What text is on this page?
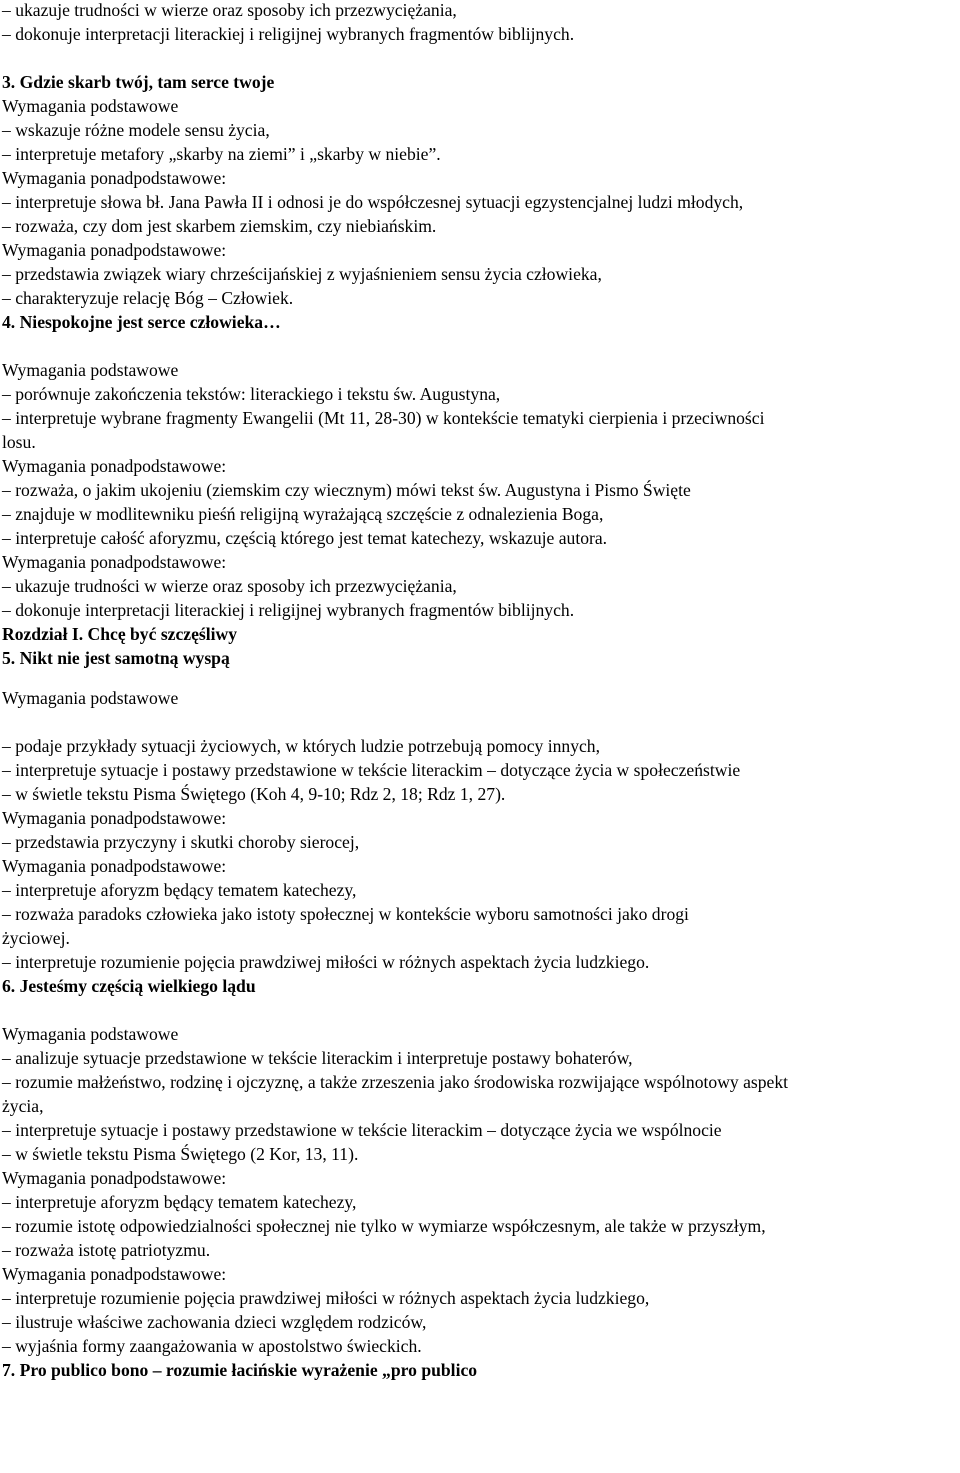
– ukazuje trudności w wierze oraz sposoby ich przezwyciężania,
– dokonuje interpretacji literackiej i religijnej wybranych fragmentów biblijnych.
3. Gdzie skarb twój, tam serce twoje
Wymagania podstawowe
– wskazuje różne modele sensu życia,
– interpretuje metafory „skarby na ziemi” i „skarby w niebie”.
Wymagania ponadpodstawowe:
– interpretuje słowa bł. Jana Pawła II i odnosi je do współczesnej sytuacji egzystencjalnej ludzi młodych,
– rozważa, czy dom jest skarbem ziemskim, czy niebiańskim.
Wymagania ponadpodstawowe:
– przedstawia związek wiary chrześcijańskiej z wyjaśnieniem sensu życia człowieka,
– charakteryzuje relację Bóg – Człowiek.
4. Niespokojne jest serce człowieka…
Wymagania podstawowe
– porównuje zakończenia tekstów: literackiego i tekstu św. Augustyna,
– interpretuje wybrane fragmenty Ewangelii (Mt 11, 28-30) w kontekście tematyki cierpienia i przeciwności
losu.
Wymagania ponadpodstawowe:
– rozważa, o jakim ukojeniu (ziemskim czy wiecznym) mówi tekst św. Augustyna i Pismo Święte
– znajduje w modlitewniku pieśń religijną wyrażającą szczęście z odnalezienia Boga,
– interpretuje całość aforyzmu, częścią którego jest temat katechezy, wskazuje autora.
Wymagania ponadpodstawowe:
– ukazuje trudności w wierze oraz sposoby ich przezwyciężania,
– dokonuje interpretacji literackiej i religijnej wybranych fragmentów biblijnych.
Rozdział I. Chcę być szczęśliwy
5. Nikt nie jest samotną wyspą
Wymagania podstawowe
– podaje przykłady sytuacji życiowych, w których ludzie potrzebują pomocy innych,
– interpretuje sytuacje i postawy przedstawione w tekście literackim – dotyczące życia w społeczeństwie
– w świetle tekstu Pisma Świętego (Koh 4, 9-10; Rdz 2, 18; Rdz 1, 27).
Wymagania ponadpodstawowe:
– przedstawia przyczyny i skutki choroby sierocej,
Wymagania ponadpodstawowe:
– interpretuje aforyzm będący tematem katechezy,
– rozważa paradoks człowieka jako istoty społecznej w kontekście wyboru samotności jako drogi
życiowej.
– interpretuje rozumienie pojęcia prawdziwej miłości w różnych aspektach życia ludzkiego.
6. Jesteśmy częścią wielkiego lądu
Wymagania podstawowe
– analizuje sytuacje przedstawione w tekście literackim i interpretuje postawy bohaterów,
– rozumie małżeństwo, rodzinę i ojczyznę, a także zrzeszenia jako środowiska rozwijające wspólnotowy aspekt
życia,
– interpretuje sytuacje i postawy przedstawione w tekście literackim – dotyczące życia we wspólnocie
– w świetle tekstu Pisma Świętego (2 Kor, 13, 11).
Wymagania ponadpodstawowe:
– interpretuje aforyzm będący tematem katechezy,
– rozumie istotę odpowiedzialności społecznej nie tylko w wymiarze współczesnym, ale także w przyszłym,
– rozważa istotę patriotyzmu.
Wymagania ponadpodstawowe:
– interpretuje rozumienie pojęcia prawdziwej miłości w różnych aspektach życia ludzkiego,
– ilustruje właściwe zachowania dzieci względem rodziców,
– wyjaśnia formy zaangażowania w apostolstwo świeckich.
7. Pro publico bono – rozumie łacińskie wyrażenie „pro publico
